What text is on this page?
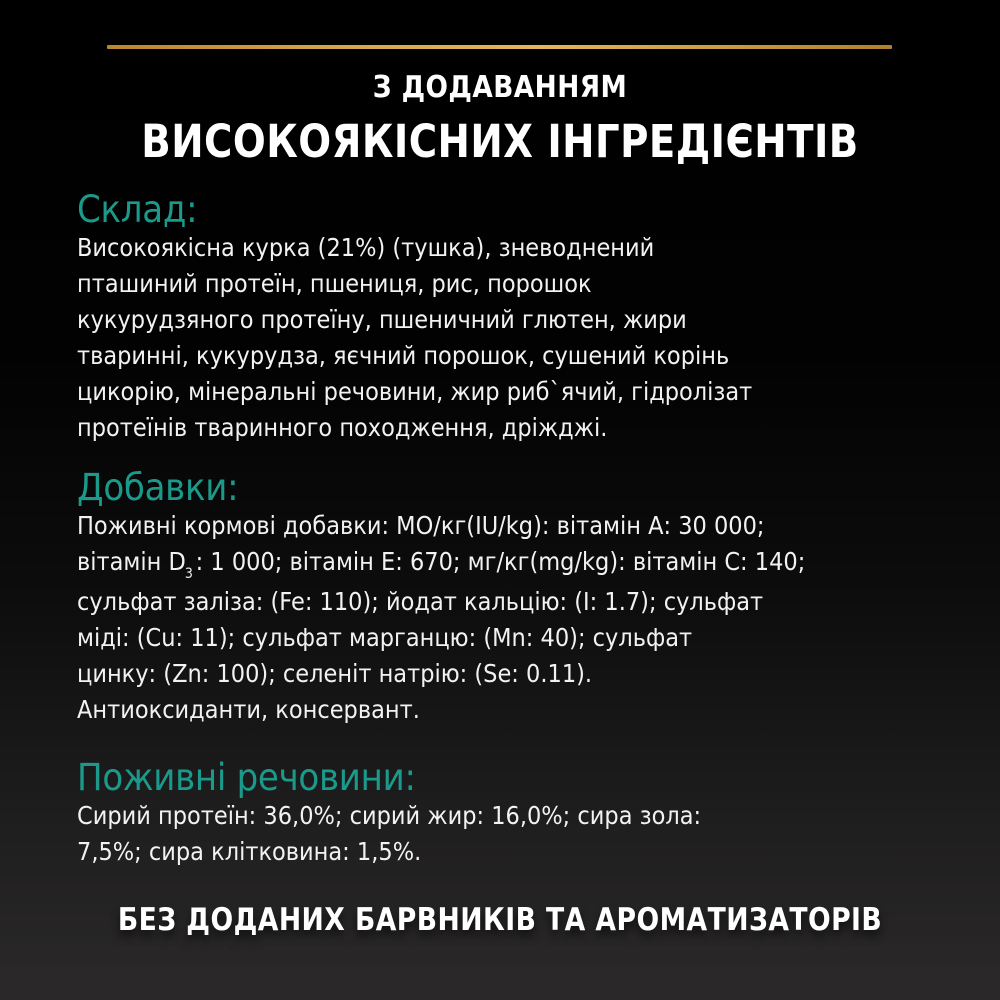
З ДОДАВАННЯМ
ВИСОКОЯКІСНИХ ІНГРЕДІЄНТІВ
Склад:
Високоякісна курка (21%) (тушка), зневоднений
пташиний протеїн, пшениця, рис, порошок
кукурудзяного протеїну, пшеничний глютен, жири
тваринні, кукурудза, яєчний порошок, сушений корінь
цикорію, мінеральні речовини, жир риб`ячий, гідролізат
протеїнів тваринного походження, дріжджі.
Добавки:
Поживні кормові добавки: МО/кг(IU/kg): вітамін А: 30 000;
вітамін $D_3$ : 1 000; вітамін Е: 670; мг/кг(mg/kg): вітамін С: 140;
сульфат заліза: (Fe: 110); йодат кальцію: (I: 1.7); сульфат
міді: (Cu: 11); сульфат марганцю: (Mn: 40); сульфат
цинку: (Zn: 100); селеніт натрію: (Se: 0.11).
Антиоксиданти, консервант.
Поживні речовини:
Сирий протеїн: 36,0%; сирий жир: 16,0%; сира зола:
7,5%; сира клітковина: 1,5%.
БЕЗ ДОДАНИХ БАРВНИКІВ ТА АРОМАТИЗАТОРІВ
